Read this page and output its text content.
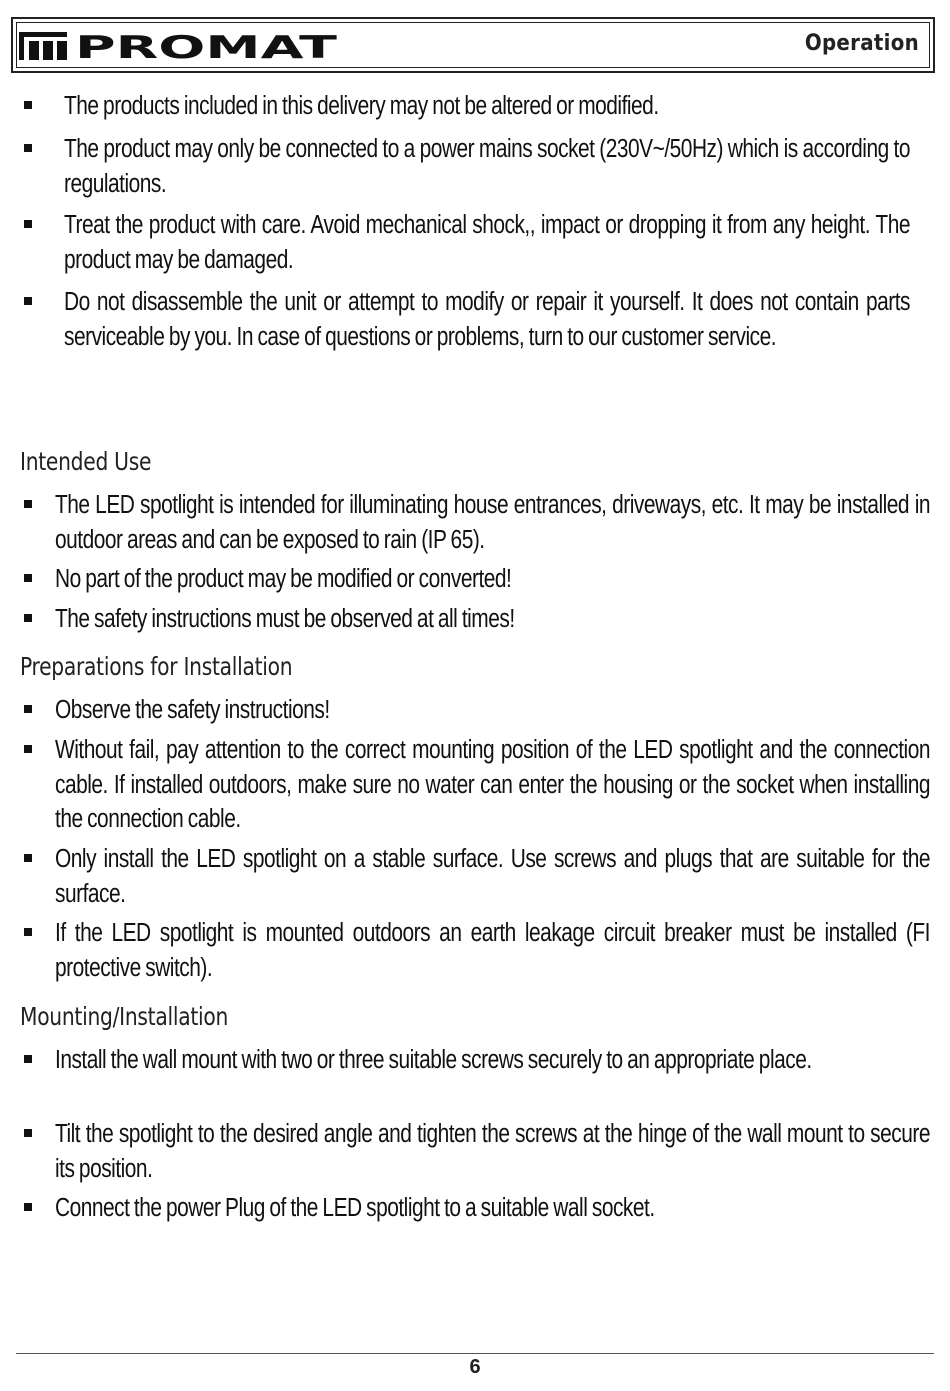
PROMAT	Operation
The products included in this delivery may not be altered or modified.
The product may only be connected to a power mains socket (230V~/50Hz) which is according to regulations.
Treat the product with care. Avoid mechanical shock,, impact or dropping it from any height. The product may be damaged.
Do not disassemble the unit or attempt to modify or repair it yourself. It does not contain parts serviceable by you. In case of questions or problems, turn to our customer service.
Intended Use
The LED spotlight is intended for illuminating house entrances, driveways, etc. It may be installed in outdoor areas and can be exposed to rain (IP 65).
No part of the product may be modified or converted!
The safety instructions must be observed at all times!
Preparations for Installation
Observe the safety instructions!
Without fail, pay attention to the correct mounting position of the LED spotlight and the connection cable. If installed outdoors, make sure no water can enter the housing or the socket when installing the connection cable.
Only install the LED spotlight on a stable surface. Use screws and plugs that are suitable for the surface.
If the LED spotlight is mounted outdoors an earth leakage circuit breaker must be installed (FI protective switch).
Mounting/Installation
Install the wall mount with two or three suitable screws securely to an appropriate place.
Tilt the spotlight to the desired angle and tighten the screws at the hinge of the wall mount to secure its position.
Connect the power Plug of the LED spotlight to a suitable wall socket.
6
